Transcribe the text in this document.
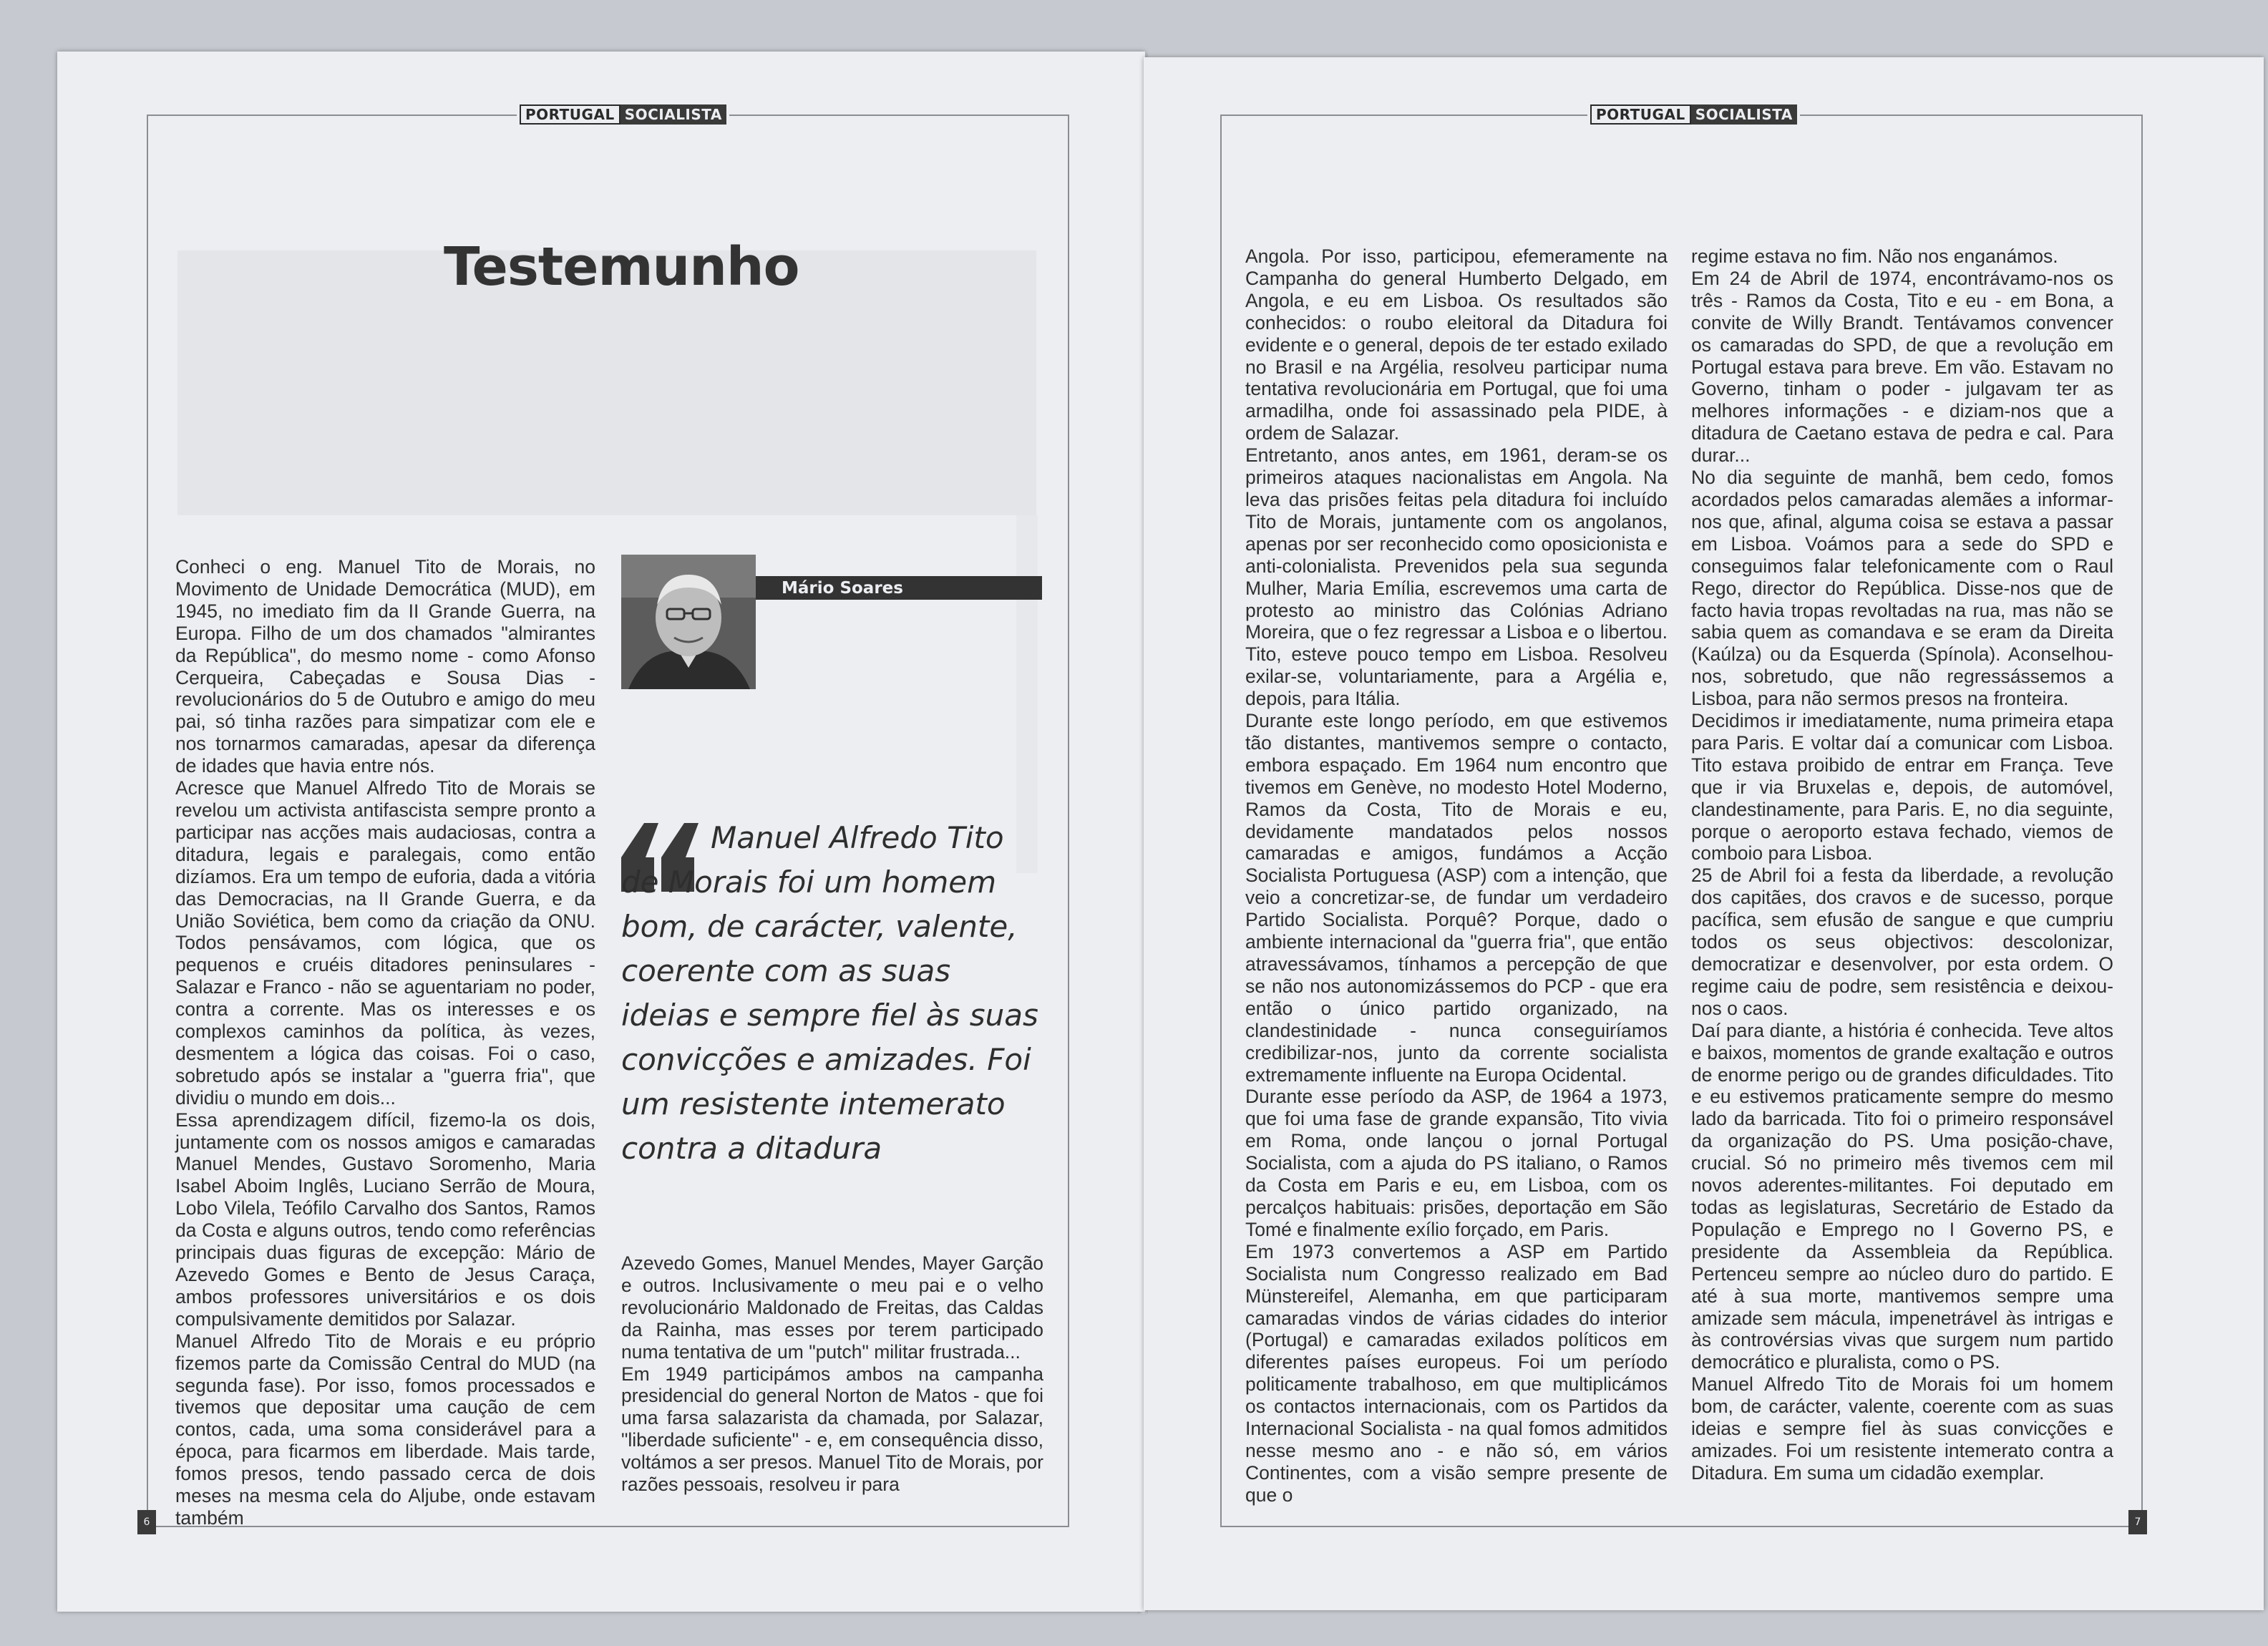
PORTUGAL SOCIALISTA	PORTUGAL SOCIALISTA
Testemunho

Conheci o eng. Manuel Tito de Morais, no Movimento de Unidade Democrática (MUD), em 1945, no imediato fim da II Grande Guerra, na Europa. Filho de um dos chamados "almirantes da República", do mesmo nome - como Afonso Cerqueira, Cabeçadas e Sousa Dias - revolucionários do 5 de Outubro e amigo do meu pai, só tinha razões para simpatizar com ele e nos tornarmos camaradas, apesar da diferença de idades que havia entre nós.

Acresce que Manuel Alfredo Tito de Morais se revelou um activista antifascista sempre pronto a participar nas acções mais audaciosas, contra a ditadura, legais e paralegais, como então dizíamos. Era um tempo de euforia, dada a vitória das Democracias, na II Grande Guerra, e da União Soviética, bem como da criação da ONU. Todos pensávamos, com lógica, que os pequenos e cruéis ditadores peninsulares - Salazar e Franco - não se aguentariam no poder, contra a corrente. Mas os interesses e os complexos caminhos da política, às vezes, desmentem a lógica das coisas. Foi o caso, sobretudo após se instalar a "guerra fria", que dividiu o mundo em dois...

Essa aprendizagem difícil, fizemo-la os dois, juntamente com os nossos amigos e camaradas Manuel Mendes, Gustavo Soromenho, Maria Isabel Aboim Inglês, Luciano Serrão de Moura, Lobo Vilela, Teófilo Carvalho dos Santos, Ramos da Costa e alguns outros, tendo como referências principais duas figuras de excepção: Mário de Azevedo Gomes e Bento de Jesus Caraça, ambos professores universitários e os dois compulsivamente demitidos por Salazar.

Manuel Alfredo Tito de Morais e eu próprio fizemos parte da Comissão Central do MUD (na segunda fase). Por isso, fomos processados e tivemos que depositar uma caução de cem contos, cada, uma soma considerável para a época, para ficarmos em liberdade. Mais tarde, fomos presos, tendo passado cerca de dois meses na mesma cela do Aljube, onde estavam também

Mário Soares
Manuel Alfredo Tito de Morais foi um homem bom, de carácter, valente, coerente com as suas ideias e sempre fiel às suas convicções e amizades. Foi um resistente intemerato contra a ditadura

Azevedo Gomes, Manuel Mendes, Mayer Garção e outros. Inclusivamente o meu pai e o velho revolucionário Maldonado de Freitas, das Caldas da Rainha, mas esses por terem participado numa tentativa de um "putch" militar frustrada...

Em 1949 participámos ambos na campanha presidencial do general Norton de Matos - que foi uma farsa salazarista da chamada, por Salazar, "liberdade suficiente" - e, em consequência disso, voltámos a ser presos. Manuel Tito de Morais, por razões pessoais, resolveu ir para

Angola. Por isso, participou, efemeramente na Campanha do general Humberto Delgado, em Angola, e eu em Lisboa. Os resultados são conhecidos: o roubo eleitoral da Ditadura foi evidente e o general, depois de ter estado exilado no Brasil e na Argélia, resolveu participar numa tentativa revolucionária em Portugal, que foi uma armadilha, onde foi assassinado pela PIDE, à ordem de Salazar.

Entretanto, anos antes, em 1961, deram-se os primeiros ataques nacionalistas em Angola. Na leva das prisões feitas pela ditadura foi incluído Tito de Morais, juntamente com os angolanos, apenas por ser reconhecido como oposicionista e anti-colonialista. Prevenidos pela sua segunda Mulher, Maria Emília, escrevemos uma carta de protesto ao ministro das Colónias Adriano Moreira, que o fez regressar a Lisboa e o libertou. Tito, esteve pouco tempo em Lisboa. Resolveu exilar-se, voluntariamente, para a Argélia e, depois, para Itália.

Durante este longo período, em que estivemos tão distantes, mantivemos sempre o contacto, embora espaçado. Em 1964 num encontro que tivemos em Genève, no modesto Hotel Moderno, Ramos da Costa, Tito de Morais e eu, devidamente mandatados pelos nossos camaradas e amigos, fundámos a Acção Socialista Portuguesa (ASP) com a intenção, que veio a concretizar-se, de fundar um verdadeiro Partido Socialista. Porquê? Porque, dado o ambiente internacional da "guerra fria", que então atravessávamos, tínhamos a percepção de que se não nos autonomizássemos do PCP - que era então o único partido organizado, na clandestinidade - nunca conseguiríamos credibilizar-nos, junto da corrente socialista extremamente influente na Europa Ocidental.

Durante esse período da ASP, de 1964 a 1973, que foi uma fase de grande expansão, Tito vivia em Roma, onde lançou o jornal Portugal Socialista, com a ajuda do PS italiano, o Ramos da Costa em Paris e eu, em Lisboa, com os percalços habituais: prisões, deportação em São Tomé e finalmente exílio forçado, em Paris.

Em 1973 convertemos a ASP em Partido Socialista num Congresso realizado em Bad Münstereifel, Alemanha, em que participaram camaradas vindos de várias cidades do interior (Portugal) e camaradas exilados políticos em diferentes países europeus. Foi um período politicamente trabalhoso, em que multiplicámos os contactos internacionais, com os Partidos da Internacional Socialista - na qual fomos admitidos nesse mesmo ano - e não só, em vários Continentes, com a visão sempre presente de que o

regime estava no fim. Não nos enganámos.

Em 24 de Abril de 1974, encontrávamo-nos os três - Ramos da Costa, Tito e eu - em Bona, a convite de Willy Brandt. Tentávamos convencer os camaradas do SPD, de que a revolução em Portugal estava para breve. Em vão. Estavam no Governo, tinham o poder - julgavam ter as melhores informações - e diziam-nos que a ditadura de Caetano estava de pedra e cal. Para durar...

No dia seguinte de manhã, bem cedo, fomos acordados pelos camaradas alemães a informar-nos que, afinal, alguma coisa se estava a passar em Lisboa. Voámos para a sede do SPD e conseguimos falar telefonicamente com o Raul Rego, director do República. Disse-nos que de facto havia tropas revoltadas na rua, mas não se sabia quem as comandava e se eram da Direita (Kaúlza) ou da Esquerda (Spínola). Aconselhou-nos, sobretudo, que não regressássemos a Lisboa, para não sermos presos na fronteira.

Decidimos ir imediatamente, numa primeira etapa para Paris. E voltar daí a comunicar com Lisboa. Tito estava proibido de entrar em França. Teve que ir via Bruxelas e, depois, de automóvel, clandestinamente, para Paris. E, no dia seguinte, porque o aeroporto estava fechado, viemos de comboio para Lisboa.

25 de Abril foi a festa da liberdade, a revolução dos capitães, dos cravos e de sucesso, porque pacífica, sem efusão de sangue e que cumpriu todos os seus objectivos: descolonizar, democratizar e desenvolver, por esta ordem. O regime caiu de podre, sem resistência e deixou-nos o caos.

Daí para diante, a história é conhecida. Teve altos e baixos, momentos de grande exaltação e outros de enorme perigo ou de grandes dificuldades. Tito e eu estivemos praticamente sempre do mesmo lado da barricada. Tito foi o primeiro responsável da organização do PS. Uma posição-chave, crucial. Só no primeiro mês tivemos cem mil novos aderentes-militantes. Foi deputado em todas as legislaturas, Secretário de Estado da População e Emprego no I Governo PS, e presidente da Assembleia da República. Pertenceu sempre ao núcleo duro do partido. E até à sua morte, mantivemos sempre uma amizade sem mácula, impenetrável às intrigas e às controvérsias vivas que surgem num partido democrático e pluralista, como o PS.

Manuel Alfredo Tito de Morais foi um homem bom, de carácter, valente, coerente com as suas ideias e sempre fiel às suas convicções e amizades. Foi um resistente intemerato contra a Ditadura. Em suma um cidadão exemplar.

6	7
